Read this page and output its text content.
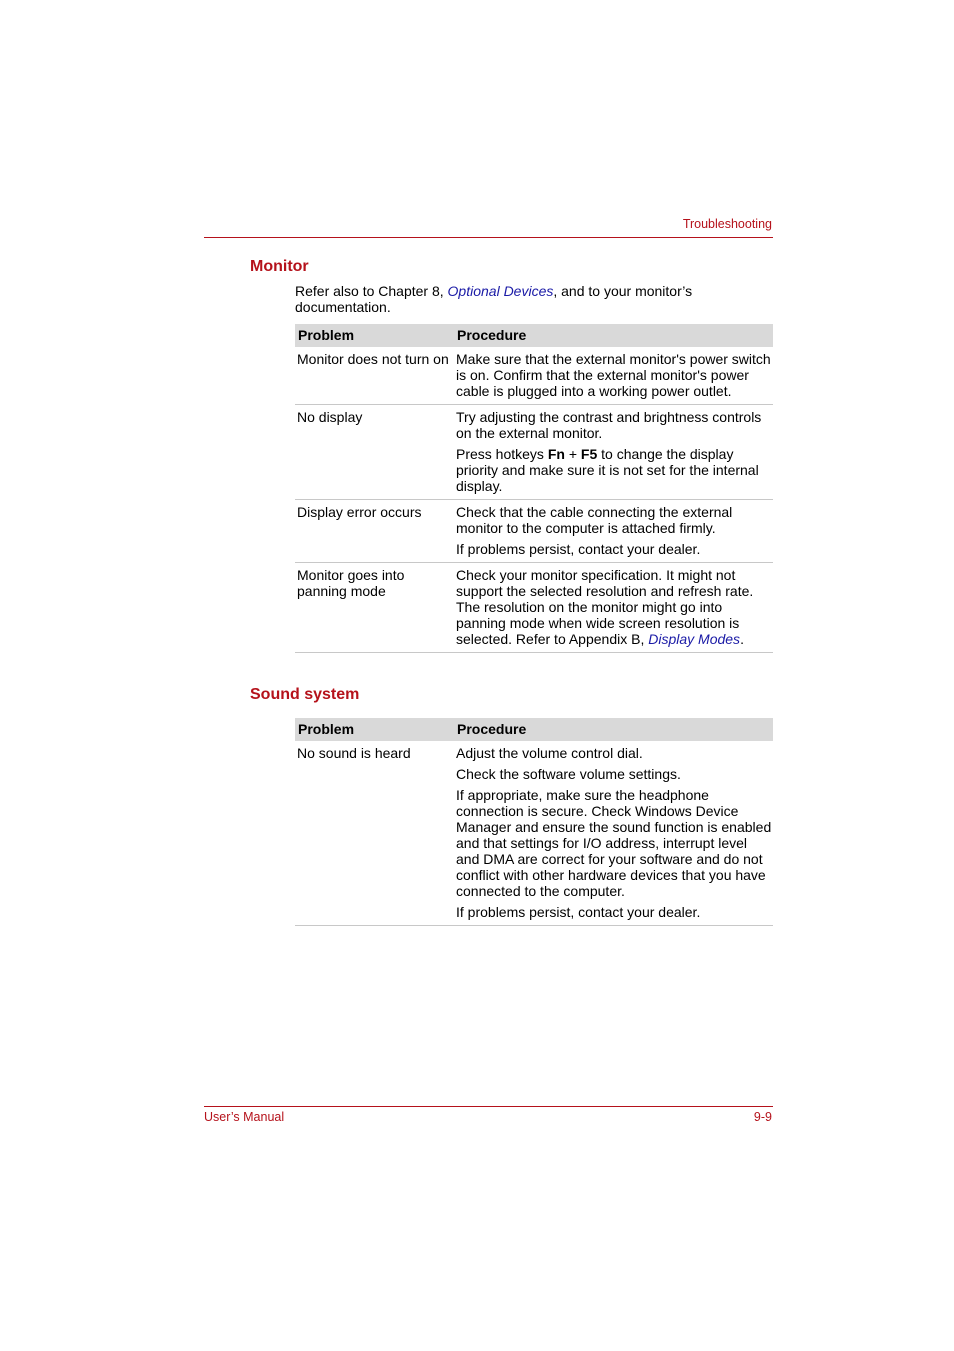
Troubleshooting
Monitor
Refer also to Chapter 8, Optional Devices, and to your monitor’s documentation.
Problem	Procedure
Monitor does not turn on	Make sure that the external monitor's power switch is on. Confirm that the external monitor's power cable is plugged into a working power outlet.

No display	Try adjusting the contrast and brightness controls on the external monitor.

Press hotkeys Fn + F5 to change the display priority and make sure it is not set for the internal display.

Display error occurs	Check that the cable connecting the external monitor to the computer is attached firmly.

If problems persist, contact your dealer.

Monitor goes into panning mode	Check your monitor specification. It might not support the selected resolution and refresh rate. The resolution on the monitor might go into panning mode when wide screen resolution is selected. Refer to Appendix B, Display Modes.

Sound system
Problem	Procedure
No sound is heard	Adjust the volume control dial.

Check the software volume settings.

If appropriate, make sure the headphone connection is secure. Check Windows Device Manager and ensure the sound function is enabled and that settings for I/O address, interrupt level and DMA are correct for your software and do not conflict with other hardware devices that you have connected to the computer.

If problems persist, contact your dealer.

User’s Manual	9-9
